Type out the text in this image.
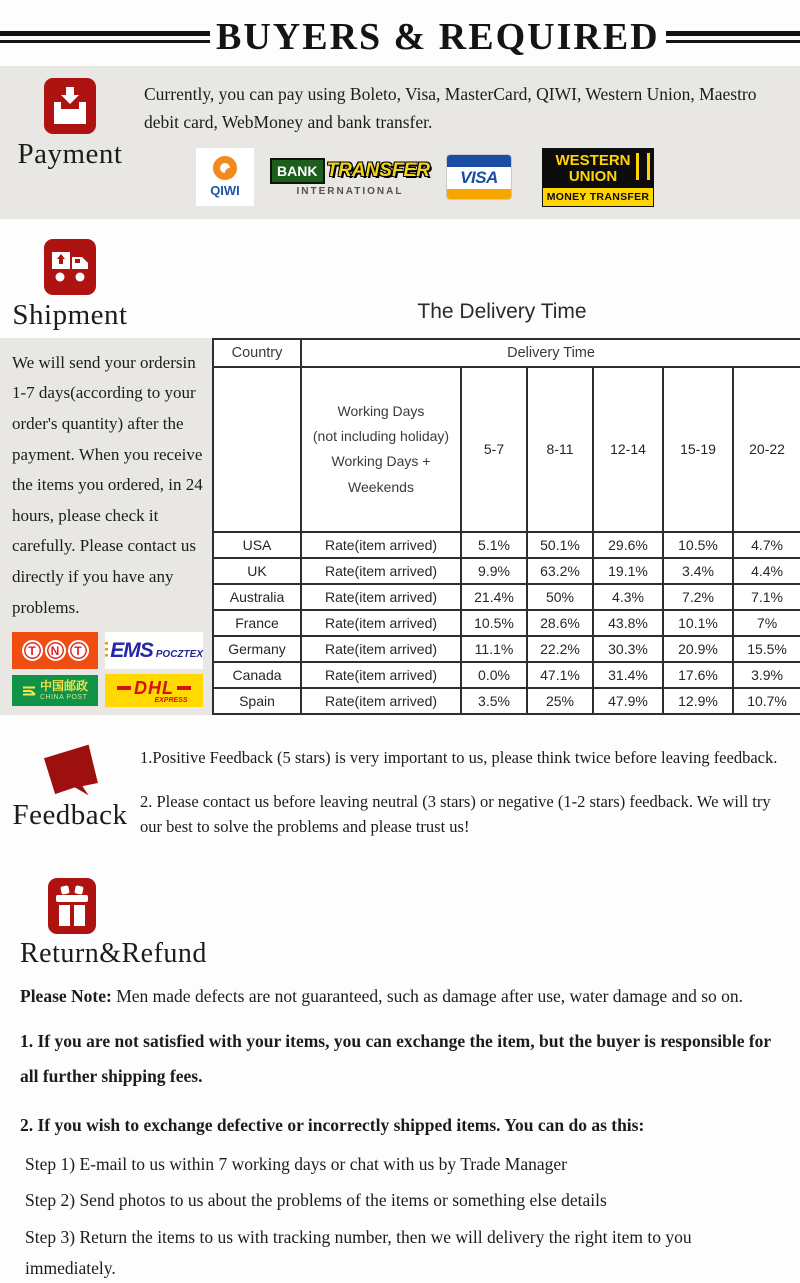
BUYERS & REQUIRED
Payment

Currently, you can pay using Boleto, Visa, MasterCard, QIWI, Western Union, Maestro debit card, WebMoney and bank transfer.

QIWI
BANK TRANSFER
INTERNATIONAL
VISA
WESTERN
UNION
MONEY TRANSFER
Shipment	The Delivery Time

We will send your ordersin 1-7 days(according to your order's quantity) after the payment. When you receive the items you ordered, in 24 hours, please check it carefully. Please contact us directly if you have any problems.

T	N	T	EMS POCZTEX
中国邮政
CHINA POST	DHL
EXPRESS
Country	Delivery Time					

	Working Days
(not including holiday)
Working Days + Weekends	5-7	8-11	12-14	15-19	20-22
USA	Rate(item arrived)	5.1%	50.1%	29.6%	10.5%	4.7%
UK	Rate(item arrived)	9.9%	63.2%	19.1%	3.4%	4.4%
Australia	Rate(item arrived)	21.4%	50%	4.3%	7.2%	7.1%
France	Rate(item arrived)	10.5%	28.6%	43.8%	10.1%	7%
Germany	Rate(item arrived)	11.1%	22.2%	30.3%	20.9%	15.5%
Canada	Rate(item arrived)	0.0%	47.1%	31.4%	17.6%	3.9%
Spain	Rate(item arrived)	3.5%	25%	47.9%	12.9%	10.7%
Feedback

1.Positive Feedback (5 stars) is very important to us, please think twice before leaving feedback.

2. Please contact us before leaving neutral (3 stars) or negative (1-2 stars) feedback. We will try our best to solve the problems and please trust us!

Return&Refund

Please Note: Men made defects are not guaranteed, such as damage after use, water damage and so on.

1. If you are not satisfied with your items, you can exchange the item, but the buyer is responsible for all further shipping fees.

2. If you wish to exchange defective or incorrectly shipped items. You can do as this:

Step 1) E-mail to us within 7 working days or chat with us by Trade Manager

Step 2) Send photos to us about the problems of the items or something else details

Step 3) Return the items to us with tracking number, then we will delivery the right item to you immediately.
